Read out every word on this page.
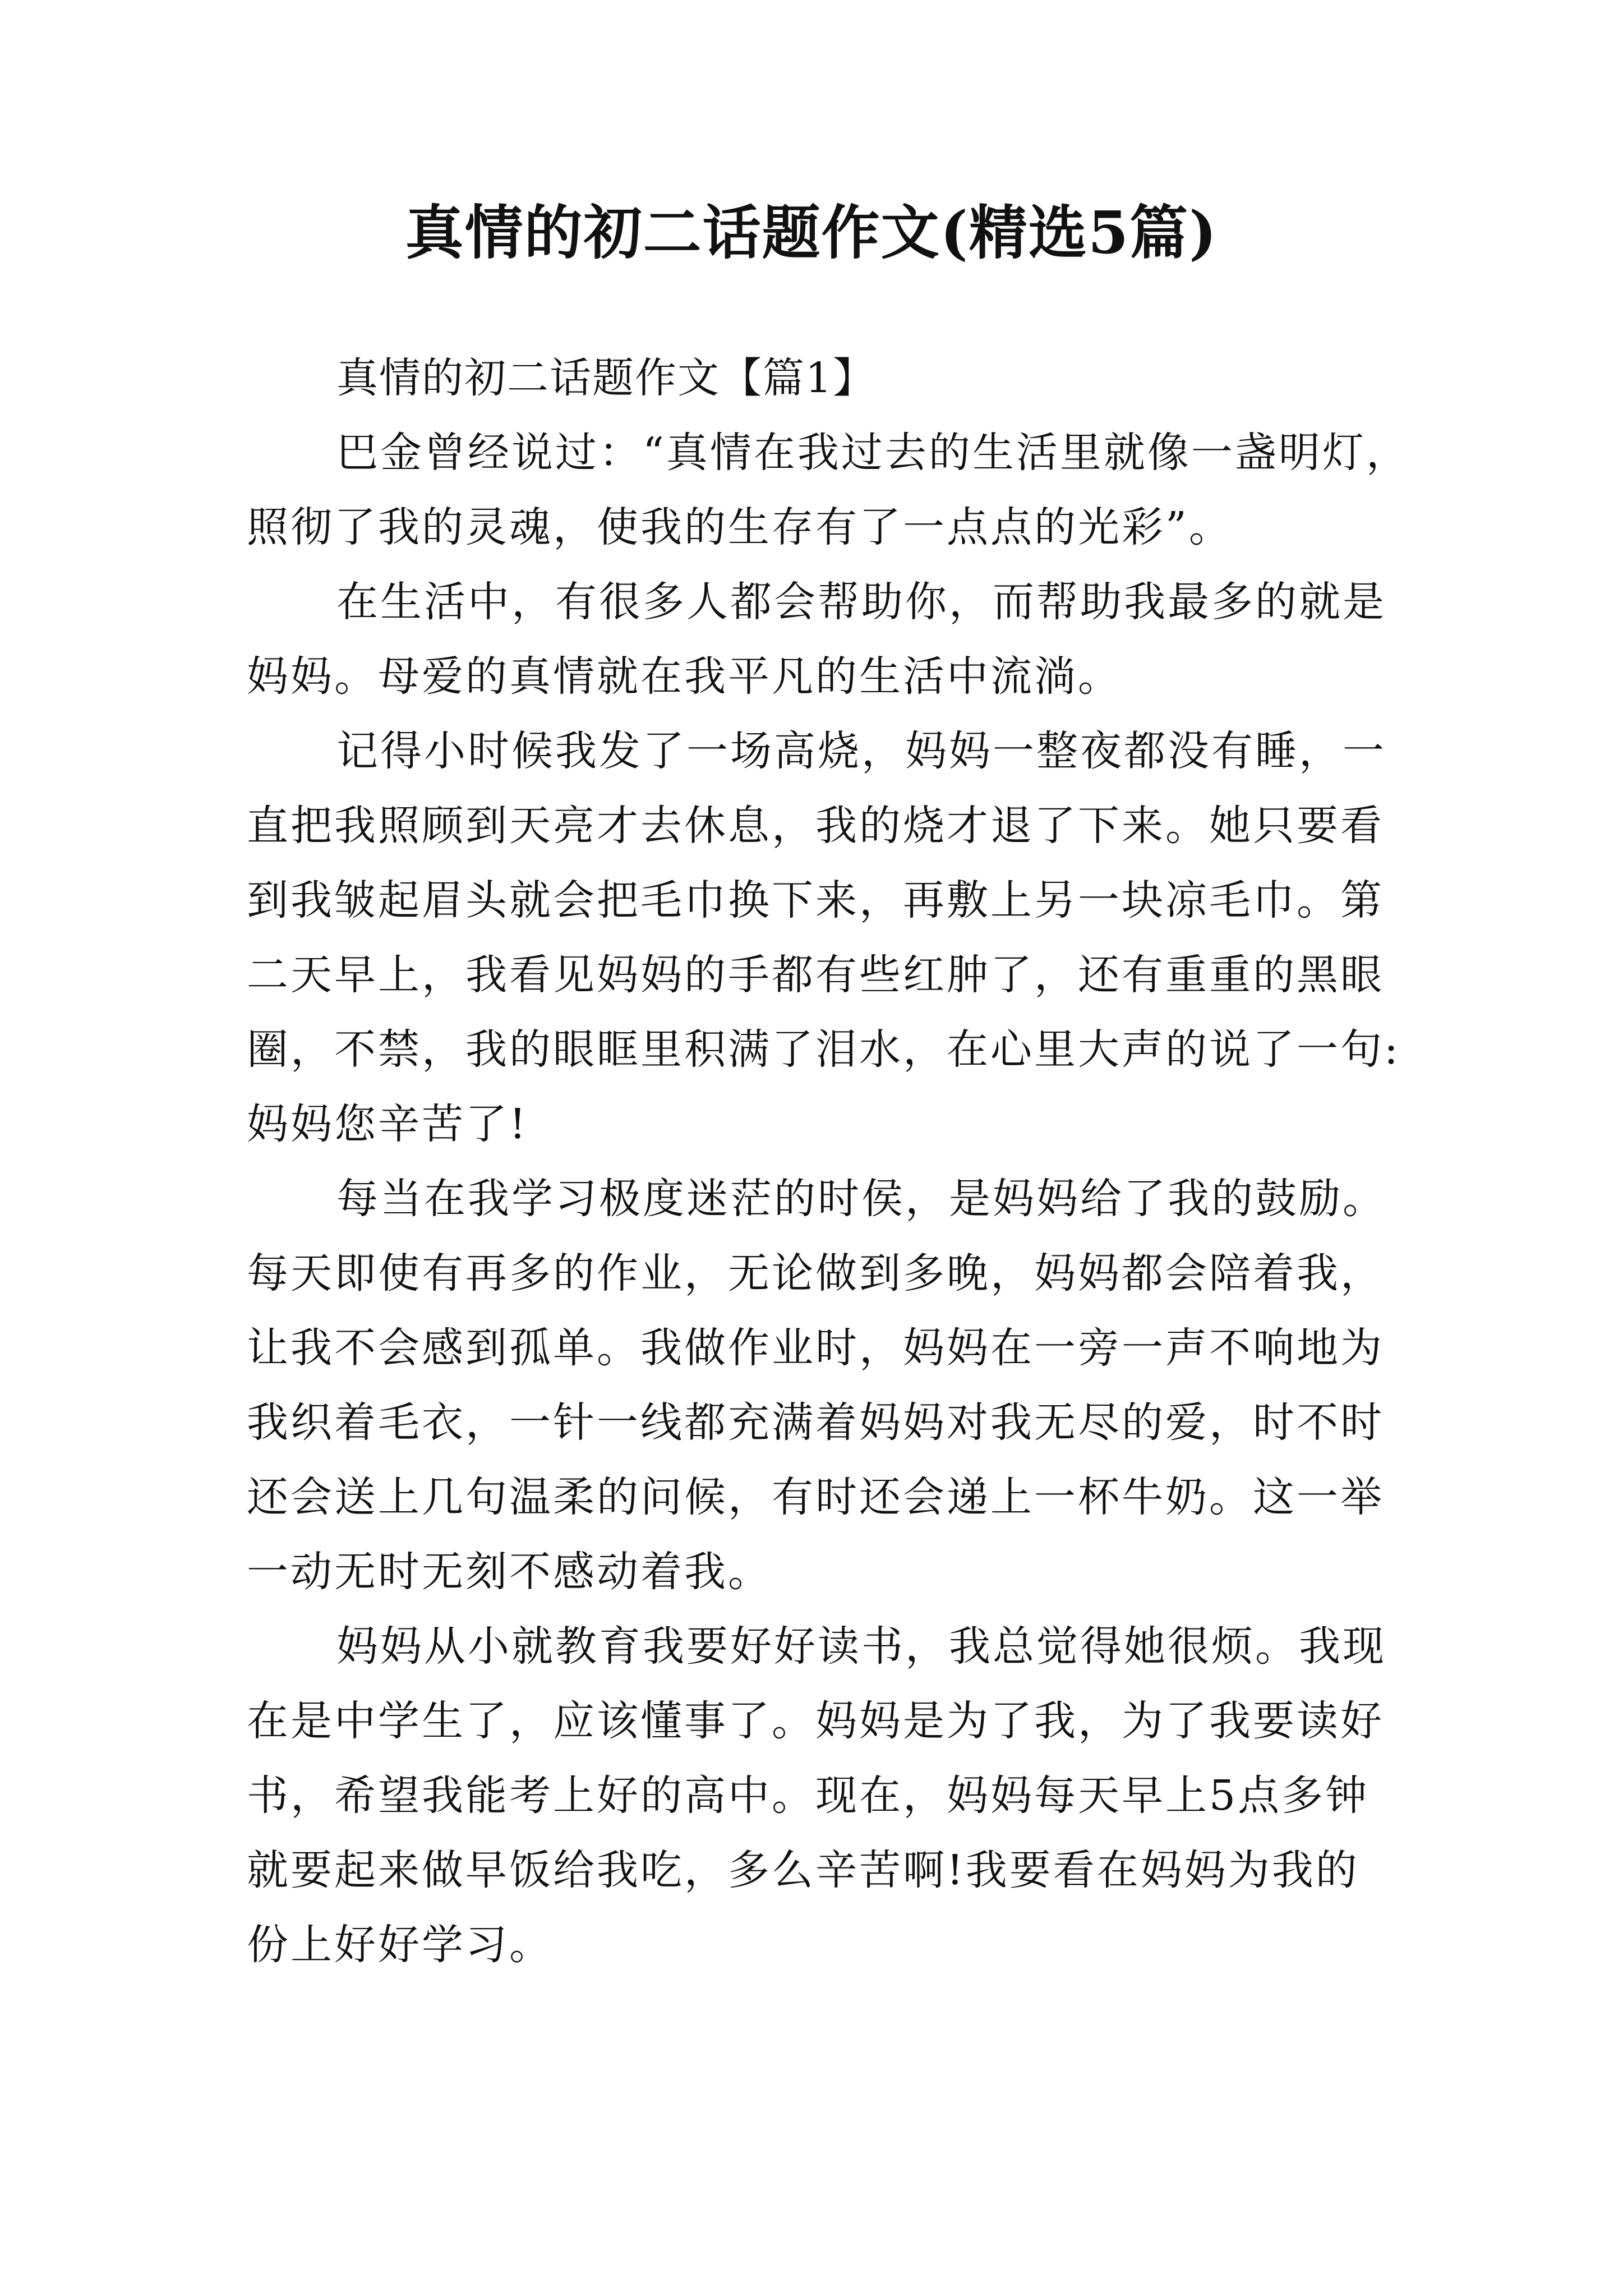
真情的初二话题作文(精选5篇)
真情的初二话题作文【篇1】
巴金曾经说过：“真情在我过去的生活里就像一盏明灯，
照彻了我的灵魂，使我的生存有了一点点的光彩”。
在生活中，有很多人都会帮助你，而帮助我最多的就是
妈妈。母爱的真情就在我平凡的生活中流淌。
记得小时候我发了一场高烧，妈妈一整夜都没有睡，一
直把我照顾到天亮才去休息，我的烧才退了下来。她只要看
到我皱起眉头就会把毛巾换下来，再敷上另一块凉毛巾。第
二天早上，我看见妈妈的手都有些红肿了，还有重重的黑眼
圈，不禁，我的眼眶里积满了泪水，在心里大声的说了一句:
妈妈您辛苦了!
每当在我学习极度迷茫的时侯，是妈妈给了我的鼓励。
每天即使有再多的作业，无论做到多晚，妈妈都会陪着我，
让我不会感到孤单。我做作业时，妈妈在一旁一声不响地为
我织着毛衣，一针一线都充满着妈妈对我无尽的爱，时不时
还会送上几句温柔的问候，有时还会递上一杯牛奶。这一举
一动无时无刻不感动着我。
妈妈从小就教育我要好好读书，我总觉得她很烦。我现
在是中学生了，应该懂事了。妈妈是为了我，为了我要读好
书，希望我能考上好的高中。现在，妈妈每天早上5点多钟
就要起来做早饭给我吃，多么辛苦啊!我要看在妈妈为我的
份上好好学习。
